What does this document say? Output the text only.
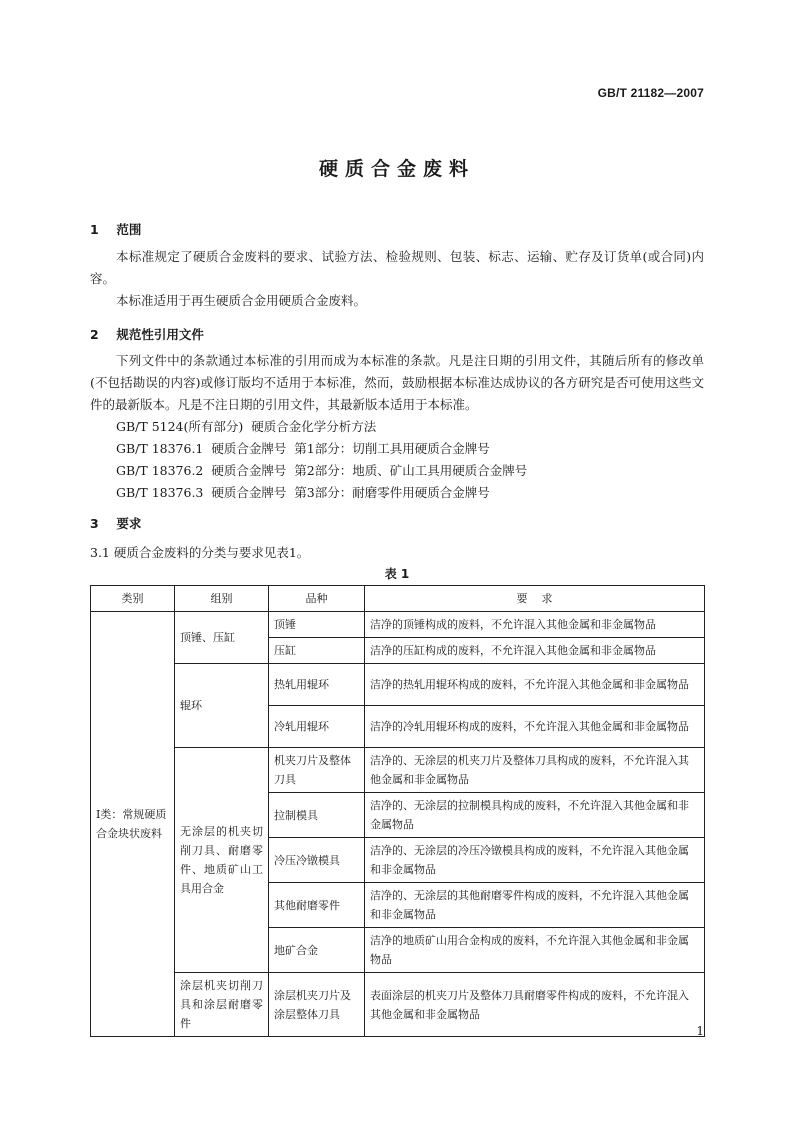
GB/T 21182—2007
硬质合金废料
1 范围
本标准规定了硬质合金废料的要求、试验方法、检验规则、包装、标志、运输、贮存及订货单(或合同)内容。
本标准适用于再生硬质合金用硬质合金废料。
2 规范性引用文件
下列文件中的条款通过本标准的引用而成为本标准的条款。凡是注日期的引用文件，其随后所有的修改单(不包括勘误的内容)或修订版均不适用于本标准，然而，鼓励根据本标准达成协议的各方研究是否可使用这些文件的最新版本。凡是不注日期的引用文件，其最新版本适用于本标准。
GB/T 5124(所有部分)  硬质合金化学分析方法
GB/T 18376.1  硬质合金牌号  第1部分：切削工具用硬质合金牌号
GB/T 18376.2  硬质合金牌号  第2部分：地质、矿山工具用硬质合金牌号
GB/T 18376.3  硬质合金牌号  第3部分：耐磨零件用硬质合金牌号
3 要求
3.1 硬质合金废料的分类与要求见表1。
表 1
类别	组别	品种	要    求
Ⅰ类：常规硬质合金块状废料	顶锤、压缸	顶锤	洁净的顶锤构成的废料，不允许混入其他金属和非金属物品
		压缸	洁净的压缸构成的废料，不允许混入其他金属和非金属物品
	辊环	热轧用辊环	洁净的热轧用辊环构成的废料，不允许混入其他金属和非金属物品
		冷轧用辊环	洁净的冷轧用辊环构成的废料，不允许混入其他金属和非金属物品
	无涂层的机夹切削刀具、耐磨零件、地质矿山工具用合金	机夹刀片及整体刀具	洁净的、无涂层的机夹刀片及整体刀具构成的废料，不允许混入其他金属和非金属物品
		拉制模具	洁净的、无涂层的拉制模具构成的废料，不允许混入其他金属和非金属物品
		冷压冷镦模具	洁净的、无涂层的冷压冷镦模具构成的废料，不允许混入其他金属和非金属物品
		其他耐磨零件	洁净的、无涂层的其他耐磨零件构成的废料，不允许混入其他金属和非金属物品
		地矿合金	洁净的地质矿山用合金构成的废料，不允许混入其他金属和非金属物品
	涂层机夹切削刀具和涂层耐磨零件	涂层机夹刀片及涂层整体刀具	表面涂层的机夹刀片及整体刀具耐磨零件构成的废料，不允许混入其他金属和非金属物品
1
